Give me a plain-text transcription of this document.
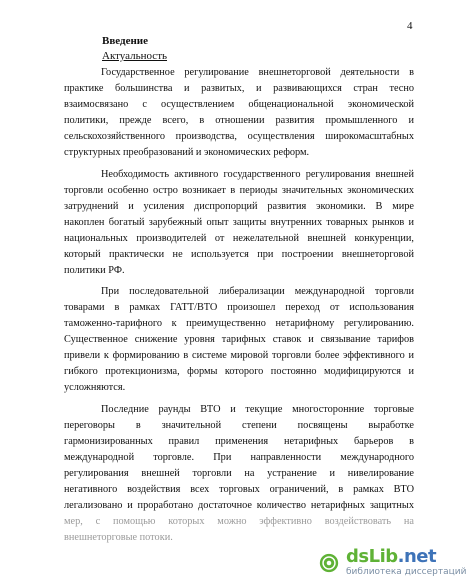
4
Введение
Актуальность
Государственное регулирование внешнеторговой деятельности в
практике большинства и развитых, и развивающихся стран тесно
взаимосвязано с осуществлением общенациональной экономической
политики, прежде всего, в отношении развития промышленного и
сельскохозяйственного производства, осуществления широкомасштабных
структурных преобразований и экономических реформ.
Необходимость активного государственного регулирования внешней
торговли особенно остро возникает в периоды значительных экономических
затруднений и усиления диспропорций развития экономики. В мире
накоплен богатый зарубежный опыт защиты внутренних товарных рынков и
национальных производителей от нежелательной внешней конкуренции,
который практически не используется при построении внешнеторговой
политики РФ.
При последовательной либерализации международной торговли
товарами в рамках ГАТТ/ВТО произошел переход от использования
таможенно-тарифного к преимущественно нетарифному регулированию.
Существенное снижение уровня тарифных ставок и связывание тарифов
привели к формированию в системе мировой торговли более эффективного и
гибкого протекционизма, формы которого постоянно модифицируются и
усложняются.
Последние раунды ВТО и текущие многосторонние торговые
переговоры в значительной степени посвящены выработке
гармонизированных правил применения нетарифных барьеров в
международной торговле. При направленности международного
регулирования внешней торговли на устранение и нивелирование
негативного воздействия всех торговых ограничений, в рамках ВТО
легализовано и проработано достаточное количество нетарифных защитных
мер, с помощью которых можно эффективно воздействовать на
внешнеторговые потоки.
dsLib.net
библиотека диссертаций
